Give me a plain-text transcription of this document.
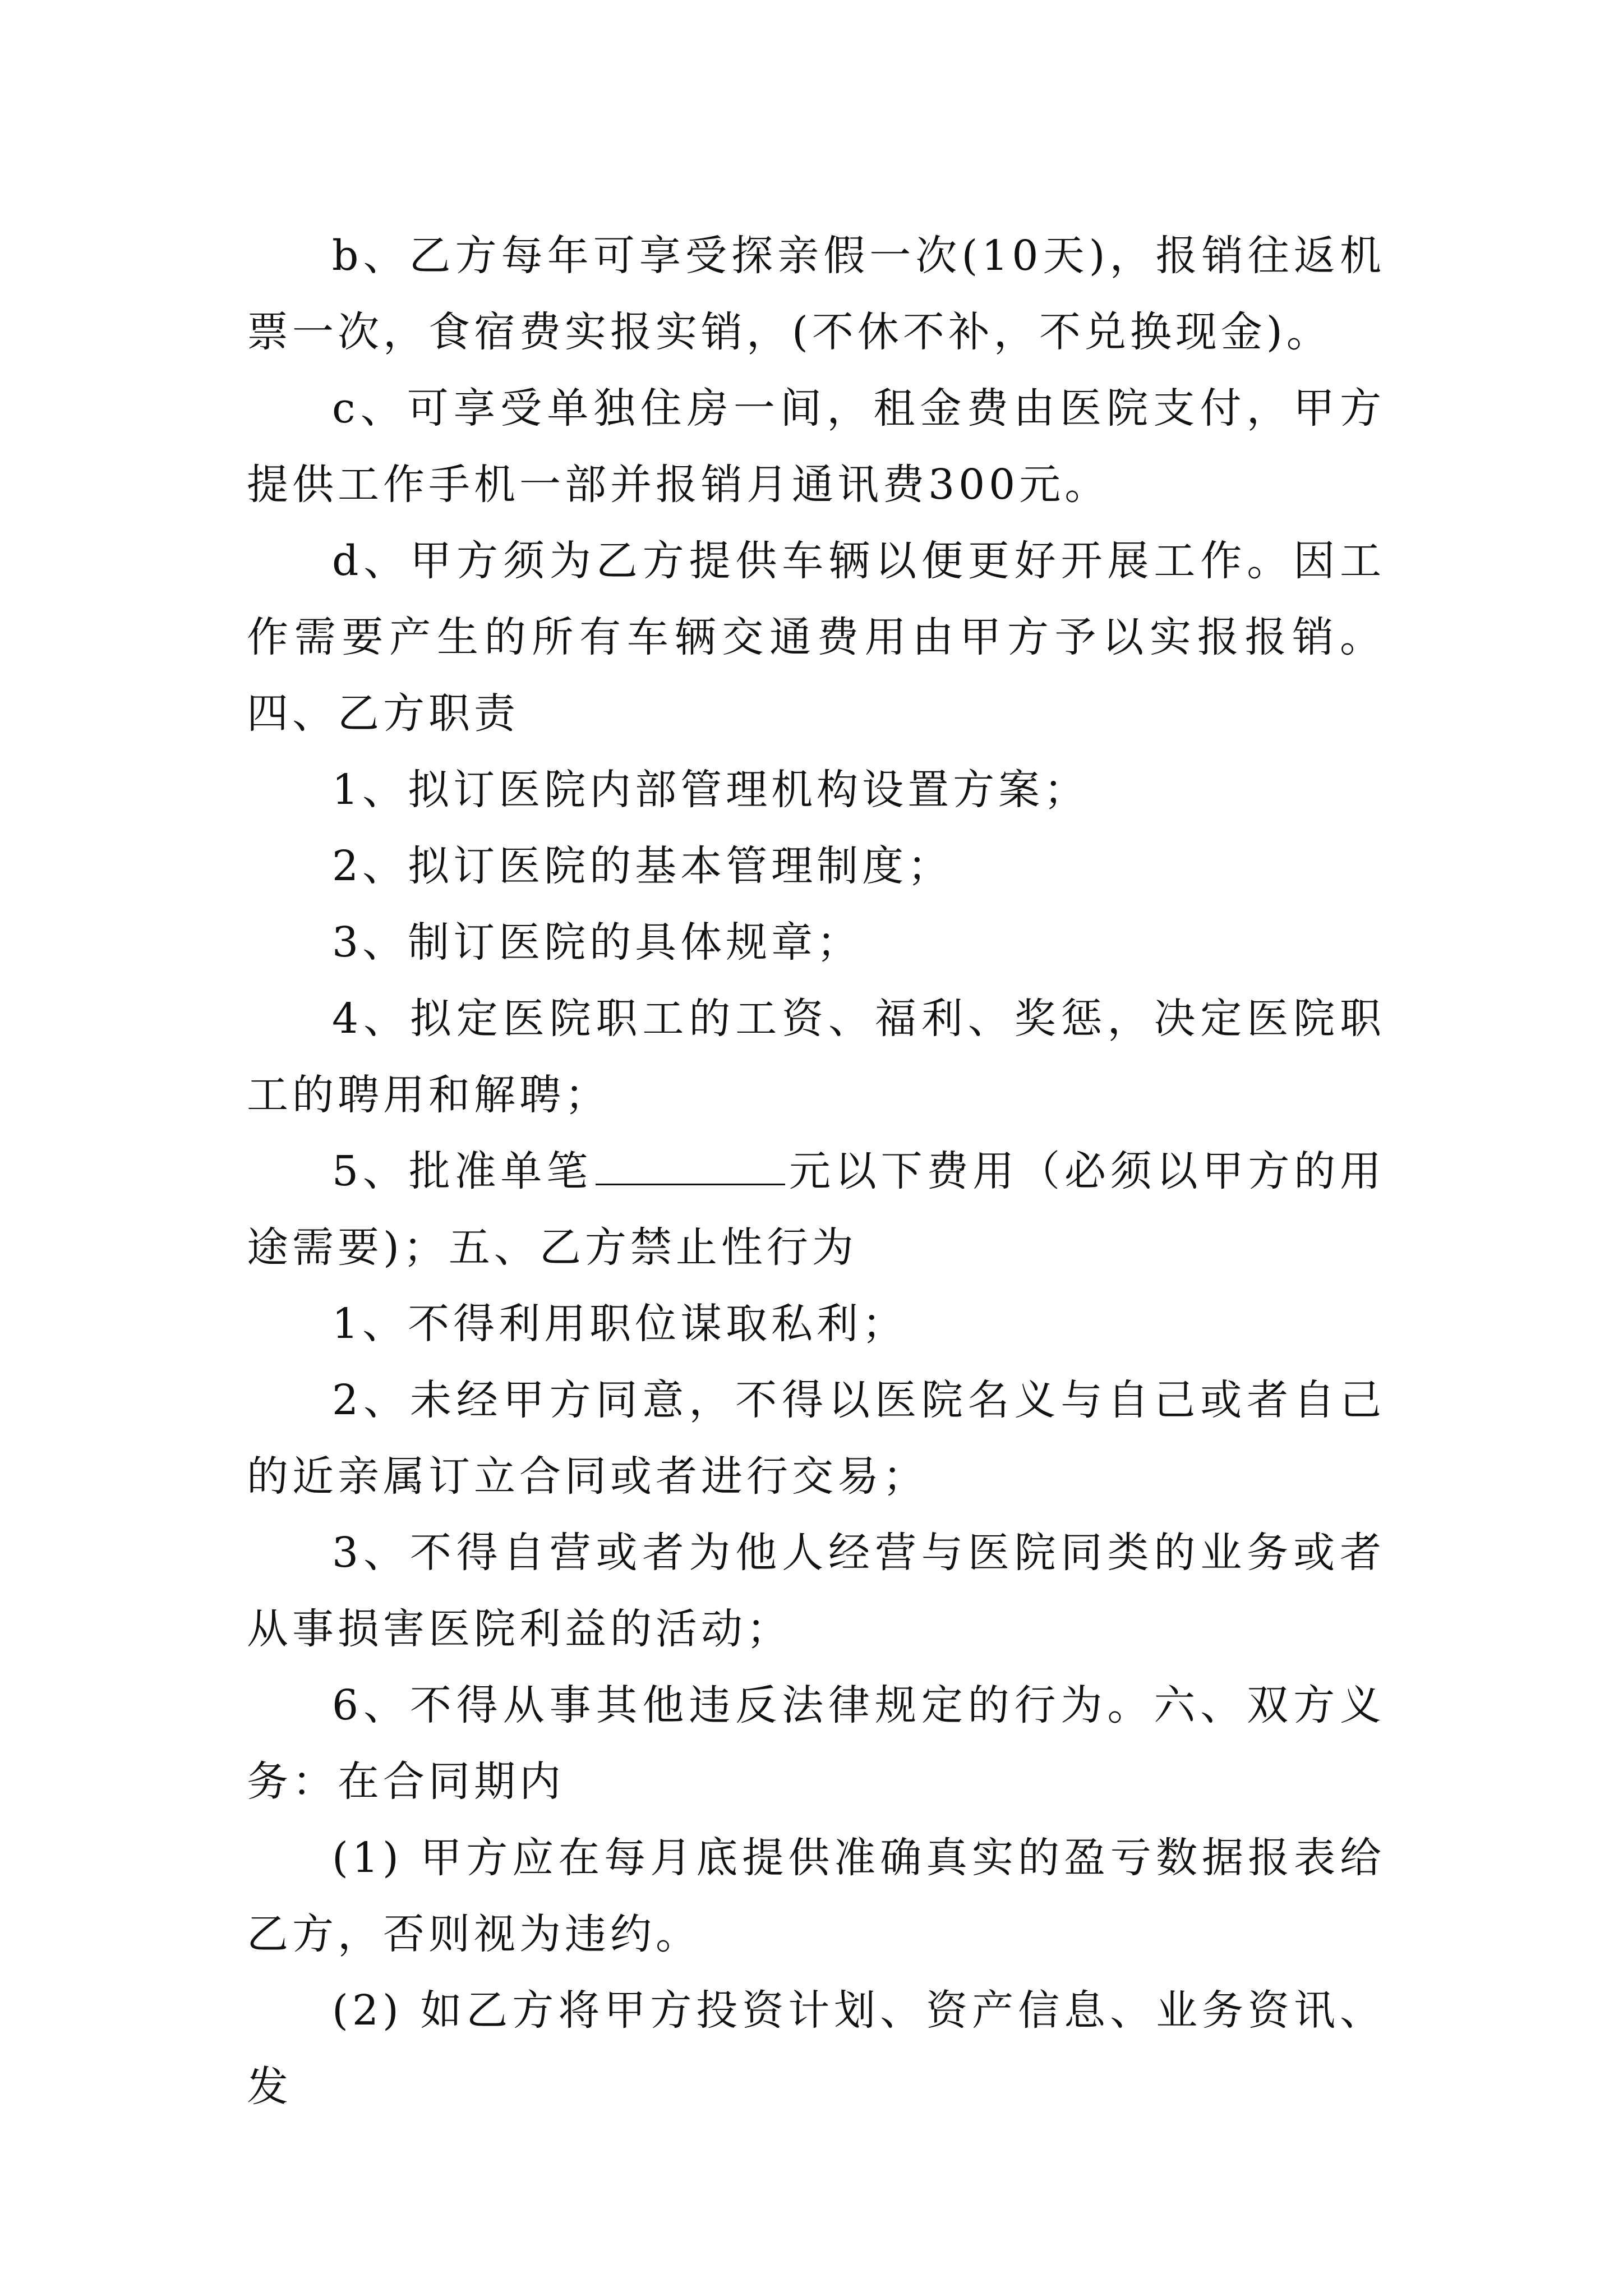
b、乙方每年可享受探亲假一次(10天)，报销往返机票一次，食宿费实报实销，(不休不补，不兑换现金)。

c、可享受单独住房一间，租金费由医院支付，甲方提供工作手机一部并报销月通讯费300元。

d、甲方须为乙方提供车辆以便更好开展工作。因工作需要产生的所有车辆交通费用由甲方予以实报报销。四、乙方职责

1、拟订医院内部管理机构设置方案；

2、拟订医院的基本管理制度；

3、制订医院的具体规章；

4、拟定医院职工的工资、福利、奖惩，决定医院职工的聘用和解聘；

5、批准单笔	元以下费用（必须以甲方的用途需要)；五、乙方禁止性行为

1、不得利用职位谋取私利；

2、未经甲方同意，不得以医院名义与自己或者自己的近亲属订立合同或者进行交易；

3、不得自营或者为他人经营与医院同类的业务或者从事损害医院利益的活动；

6、不得从事其他违反法律规定的行为。六、双方义务：在合同期内

(1) 甲方应在每月底提供准确真实的盈亏数据报表给乙方，否则视为违约。

(2) 如乙方将甲方投资计划、资产信息、业务资讯、发
